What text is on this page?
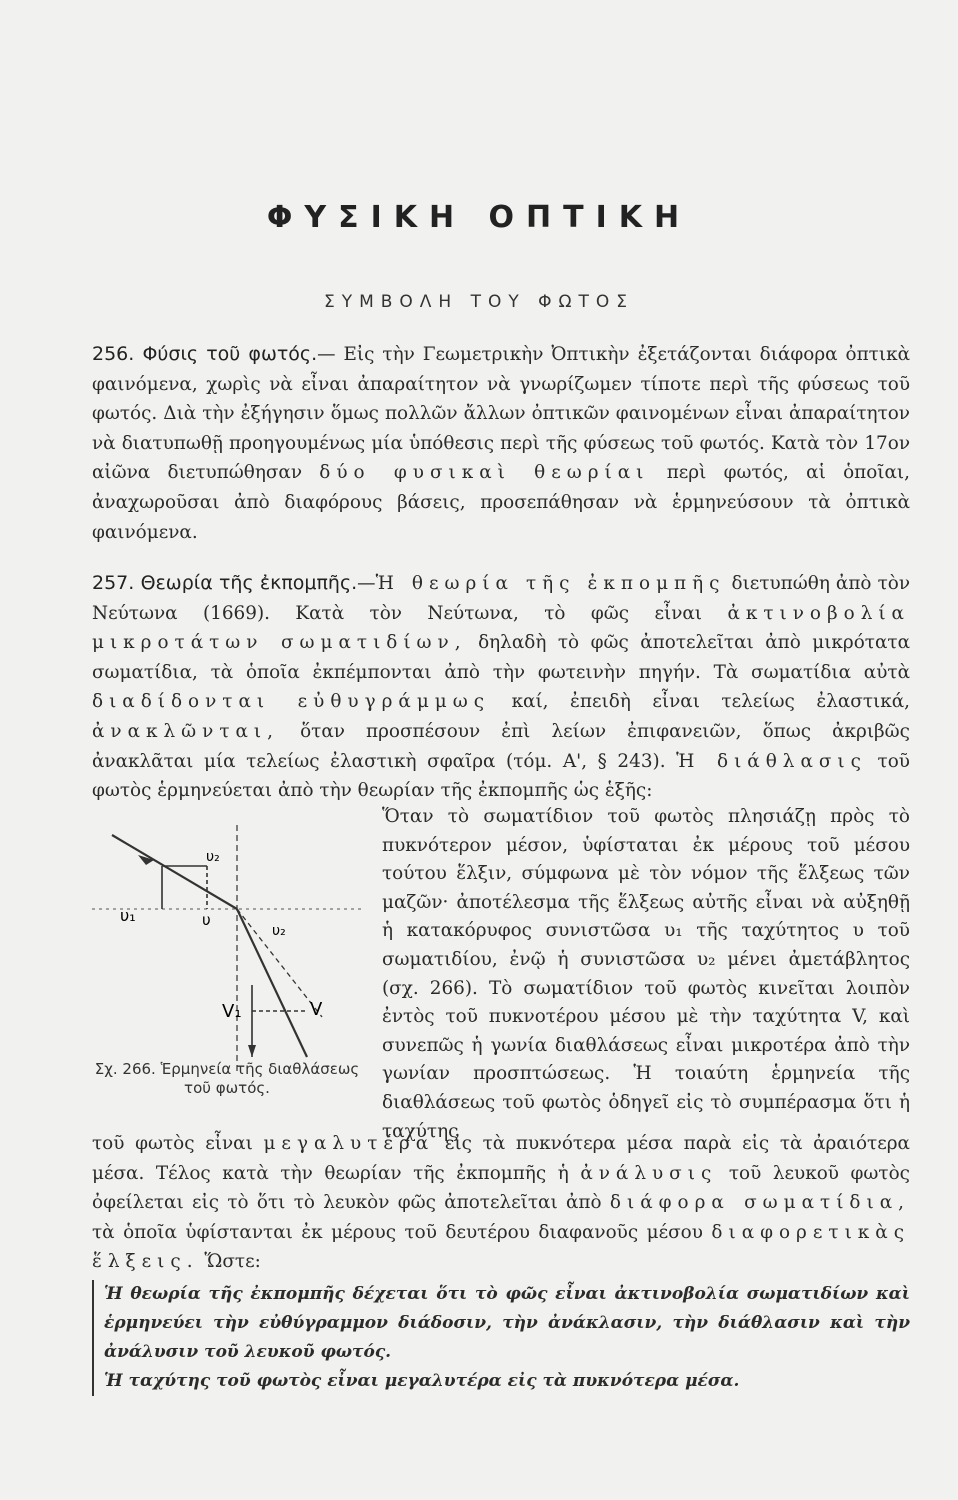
ΦΥΣΙΚΗ ΟΠΤΙΚΗ
ΣΥΜΒΟΛΗ ΤΟΥ ΦΩΤΟΣ

256. Φύσις τοῦ φωτός.— Εἰς τὴν Γεωμετρικὴν Ὀπτικὴν ἐξετάζονται διάφορα ὀπτικὰ φαινόμενα, χωρὶς νὰ εἶναι ἀπαραίτητον νὰ γνωρίζωμεν τίποτε περὶ τῆς φύσεως τοῦ φωτός. Διὰ τὴν ἐξήγησιν ὅμως πολλῶν ἄλλων ὀπτικῶν φαινομένων εἶναι ἀπαραίτητον νὰ διατυπωθῇ προηγουμένως μία ὑπόθεσις περὶ τῆς φύσεως τοῦ φωτός. Κατὰ τὸν 17ον αἰῶνα διετυπώθησαν δύο φυσικαὶ θεωρίαι περὶ φωτός, αἱ ὁποῖαι, ἀναχωροῦσαι ἀπὸ διαφόρους βάσεις, προσεπάθησαν νὰ ἑρμηνεύσουν τὰ ὀπτικὰ φαινόμενα.

257. Θεωρία τῆς ἐκπομπῆς.—Ἡ θεωρία τῆς ἐκπομπῆς διετυπώθη ἀπὸ τὸν Νεύτωνα (1669). Κατὰ τὸν Νεύτωνα, τὸ φῶς εἶναι ἀκτινοβολία μικροτάτων σωματιδίων, δηλαδὴ τὸ φῶς ἀποτελεῖται ἀπὸ μικρότατα σωματίδια, τὰ ὁποῖα ἐκπέμπονται ἀπὸ τὴν φωτεινὴν πηγήν. Τὰ σωματίδια αὐτὰ διαδίδονται εὐθυγράμμως καί, ἐπειδὴ εἶναι τελείως ἐλαστικά, ἀνακλῶνται, ὅταν προσπέσουν ἐπὶ λείων ἐπιφανειῶν, ὅπως ἀκριβῶς ἀνακλᾶται μία τελείως ἐλαστικὴ σφαῖρα (τόμ. Α', § 243). Ἡ διάθλασις τοῦ φωτὸς ἑρμηνεύεται ἀπὸ τὴν θεωρίαν τῆς ἐκπομπῆς ὡς ἑξῆς:

Ὅταν τὸ σωματίδιον τοῦ φωτὸς πλησιάζῃ πρὸς τὸ πυκνότερον μέσον, ὑφίσταται ἐκ μέρους τοῦ μέσου τούτου ἕλξιν, σύμφωνα μὲ τὸν νόμον τῆς ἕλξεως τῶν μαζῶν· ἀποτέλεσμα τῆς ἕλξεως αὐτῆς εἶναι νὰ αὐξηθῇ ἡ κατακόρυφος συνιστῶσα υ₁ τῆς ταχύτητος υ τοῦ σωματιδίου, ἐνῷ ἡ συνιστῶσα υ₂ μένει ἀμετάβλητος (σχ. 266). Τὸ σωματίδιον τοῦ φωτὸς κινεῖται λοιπὸν ἐντὸς τοῦ πυκνοτέρου μέσου μὲ τὴν ταχύτητα V, καὶ συνεπῶς ἡ γωνία διαθλάσεως εἶναι μικροτέρα ἀπὸ τὴν γωνίαν προσπτώσεως. Ἡ τοιαύτη ἑρμηνεία τῆς διαθλάσεως τοῦ φωτὸς ὁδηγεῖ εἰς τὸ συμπέρασμα ὅτι ἡ ταχύτης

υ₂
υ₁	υ
υ₂
V₁	V
Σχ. 266. Ἑρμηνεία τῆς διαθλάσεως τοῦ φωτός.

τοῦ φωτὸς εἶναι μεγαλυτέρα εἰς τὰ πυκνότερα μέσα παρὰ εἰς τὰ ἀραιότερα μέσα. Τέλος κατὰ τὴν θεωρίαν τῆς ἐκπομπῆς ἡ ἀνάλυσις τοῦ λευκοῦ φωτὸς ὀφείλεται εἰς τὸ ὅτι τὸ λευκὸν φῶς ἀποτελεῖται ἀπὸ διάφορα σωματίδια, τὰ ὁποῖα ὑφίστανται ἐκ μέρους τοῦ δευτέρου διαφανοῦς μέσου διαφορετικὰς ἕλξεις. Ὥστε:

Ἡ θεωρία τῆς ἐκπομπῆς δέχεται ὅτι τὸ φῶς εἶναι ἀκτινοβολία σωματιδίων καὶ ἑρμηνεύει τὴν εὐθύγραμμον διάδοσιν, τὴν ἀνάκλασιν, τὴν διάθλασιν καὶ τὴν ἀνάλυσιν τοῦ λευκοῦ φωτός.
Ἡ ταχύτης τοῦ φωτὸς εἶναι μεγαλυτέρα εἰς τὰ πυκνότερα μέσα.
